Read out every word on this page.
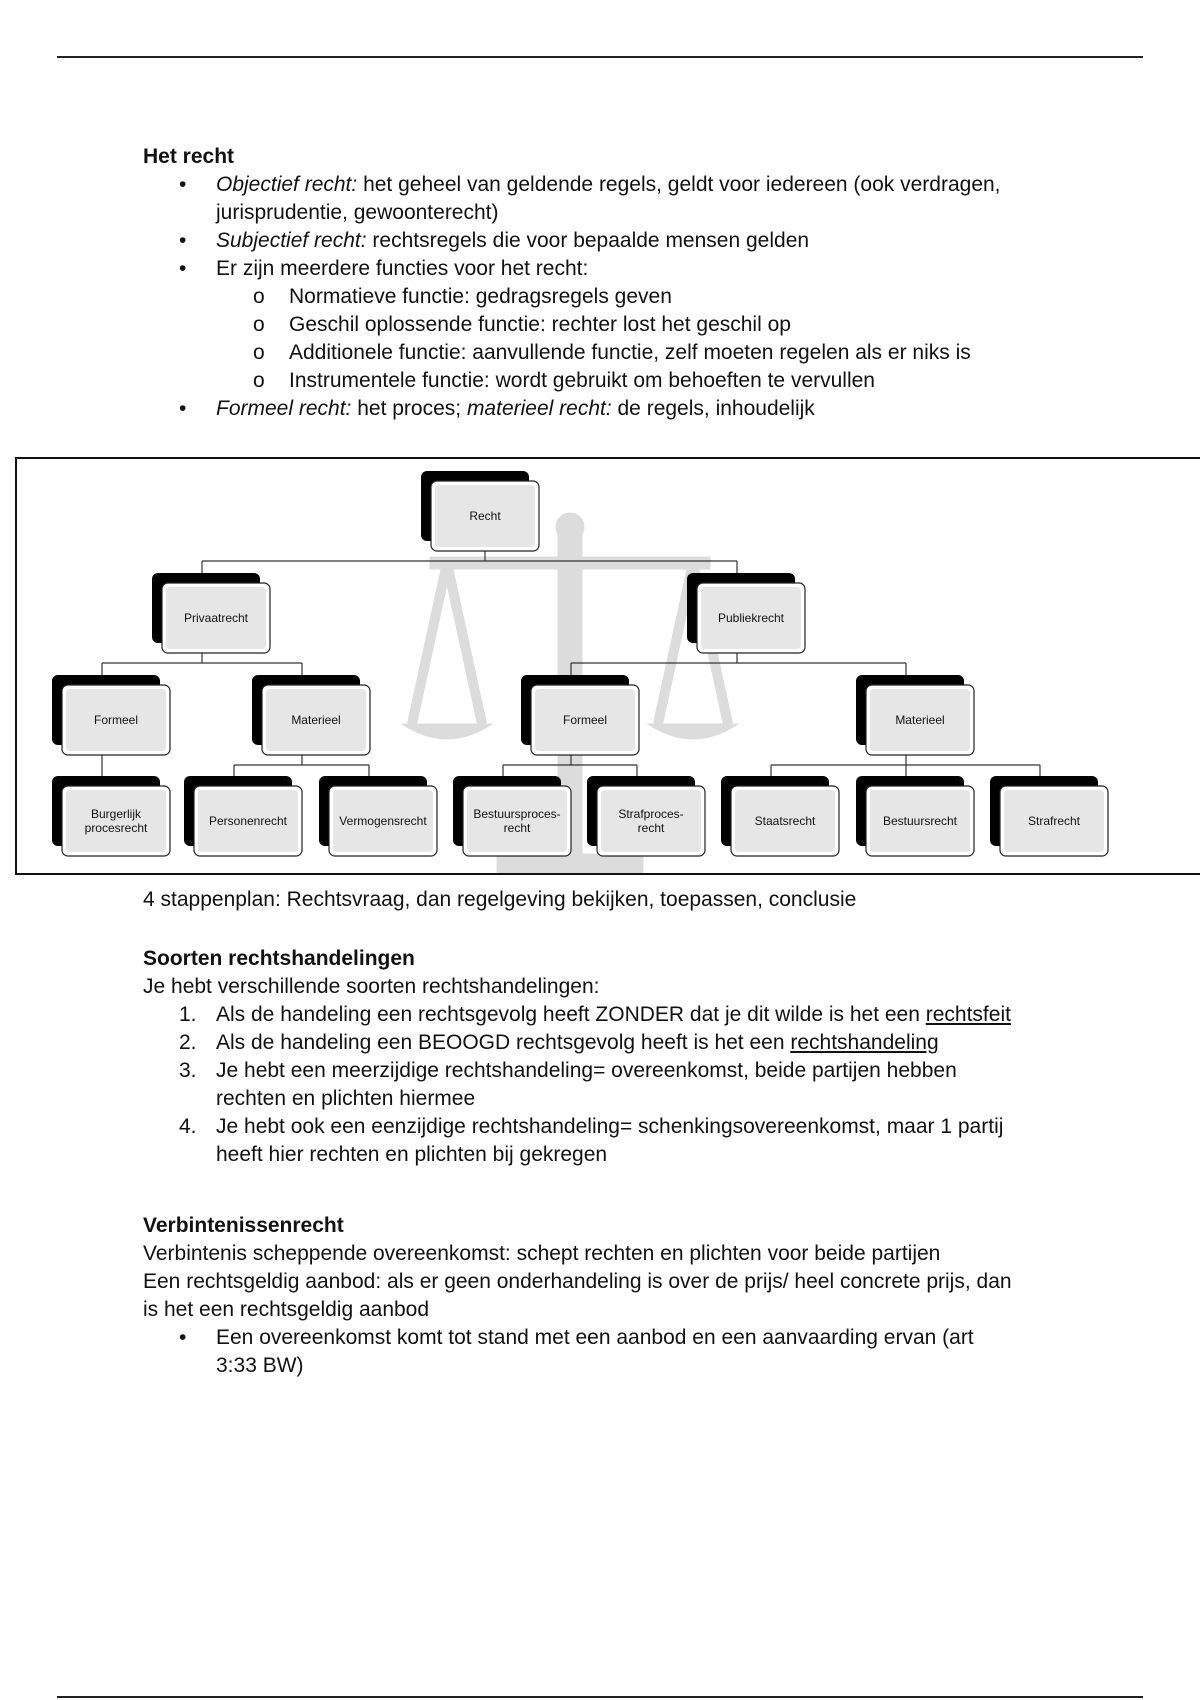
Het recht
• Objectief recht: het geheel van geldende regels, geldt voor iedereen (ook verdragen,
jurisprudentie, gewoonterecht)
• Subjectief recht: rechtsregels die voor bepaalde mensen gelden
• Er zijn meerdere functies voor het recht:
o Normatieve functie: gedragsregels geven
o Geschil oplossende functie: rechter lost het geschil op
o Additionele functie: aanvullende functie, zelf moeten regelen als er niks is
o Instrumentele functie: wordt gebruikt om behoeften te vervullen
• Formeel recht: het proces; materieel recht: de regels, inhoudelijk
Recht
Privaatrecht	Publiekrecht
Formeel	Materieel	Formeel	Materieel
Burgerlijk
procesrecht	Personenrecht	Vermogensrecht	Bestuursproces-
recht
Strafproces-
recht	Staatsrecht	Bestuursrecht	Strafrecht
4 stappenplan: Rechtsvraag, dan regelgeving bekijken, toepassen, conclusie
Soorten rechtshandelingen
Je hebt verschillende soorten rechtshandelingen:
1. Als de handeling een rechtsgevolg heeft ZONDER dat je dit wilde is het een rechtsfeit
2. Als de handeling een BEOOGD rechtsgevolg heeft is het een rechtshandeling
3. Je hebt een meerzijdige rechtshandeling= overeenkomst, beide partijen hebben
rechten en plichten hiermee
4. Je hebt ook een eenzijdige rechtshandeling= schenkingsovereenkomst, maar 1 partij
heeft hier rechten en plichten bij gekregen
Verbintenissenrecht
Verbintenis scheppende overeenkomst: schept rechten en plichten voor beide partijen
Een rechtsgeldig aanbod: als er geen onderhandeling is over de prijs/ heel concrete prijs, dan
is het een rechtsgeldig aanbod
• Een overeenkomst komt tot stand met een aanbod en een aanvaarding ervan (art
3:33 BW)
